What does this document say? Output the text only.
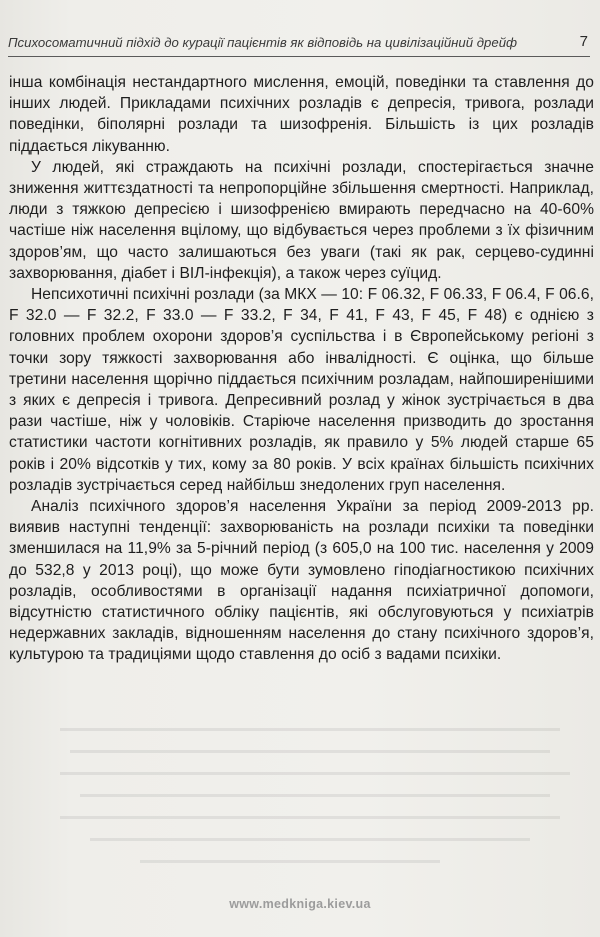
Психосоматичний підхід до курації пацієнтів як відповідь на цивілізаційний дрейф	7

інша комбінація нестандартного мислення, емоцій, поведінки та ставлення до інших людей. Прикладами психічних розладів є депресія, тривога, розлади поведінки, біполярні розлади та шизофренія. Більшість із цих розладів піддається лікуванню.

У людей, які страждають на психічні розлади, спостерігається значне зниження життєздатності та непропорційне збільшення смертності. Наприклад, люди з тяжкою депресією і шизофренією вмирають передчасно на 40-60% частіше ніж населення вцілому, що відбувається через проблеми з їх фізичним здоров’ям, що часто залишаються без уваги (такі як рак, серцево-судинні захворювання, діабет і ВІЛ-інфекція), а також через суїцид.

Непсихотичні психічні розлади (за МКХ — 10: F 06.32, F 06.33, F 06.4, F 06.6, F 32.0 — F 32.2, F 33.0 — F 33.2, F 34, F 41, F 43, F 45, F 48) є однією з головних проблем охорони здоров’я суспільства і в Європейському регіоні з точки зору тяжкості захворювання або інвалідності. Є оцінка, що більше третини населення щорічно піддається психічним розладам, найпоширенішими з яких є депресія і тривога. Депресивний розлад у жінок зустрічається в два рази частіше, ніж у чоловіків. Старіюче населення призводить до зростання статистики частоти когнітивних розладів, як правило у 5% людей старше 65 років і 20% відсотків у тих, кому за 80 років. У всіх країнах більшість психічних розладів зустрічається серед найбільш знедолених груп населення.

Аналіз психічного здоров’я населення України за період 2009-2013 рр. виявив наступні тенденції: захворюваність на розлади психіки та поведінки зменшилася на 11,9% за 5-річний період (з 605,0 на 100 тис. населення у 2009 до 532,8 у 2013 році), що може бути зумовлено гіподіагностикою психічних розладів, особливостями в організації надання психіатричної допомоги, відсутністю статистичного обліку пацієнтів, які обслуговуються у психіатрів недержавних закладів, відношенням населення до стану психічного здоров’я, культурою та традиціями щодо ставлення до осіб з вадами психіки.

www.medkniga.kiev.ua
